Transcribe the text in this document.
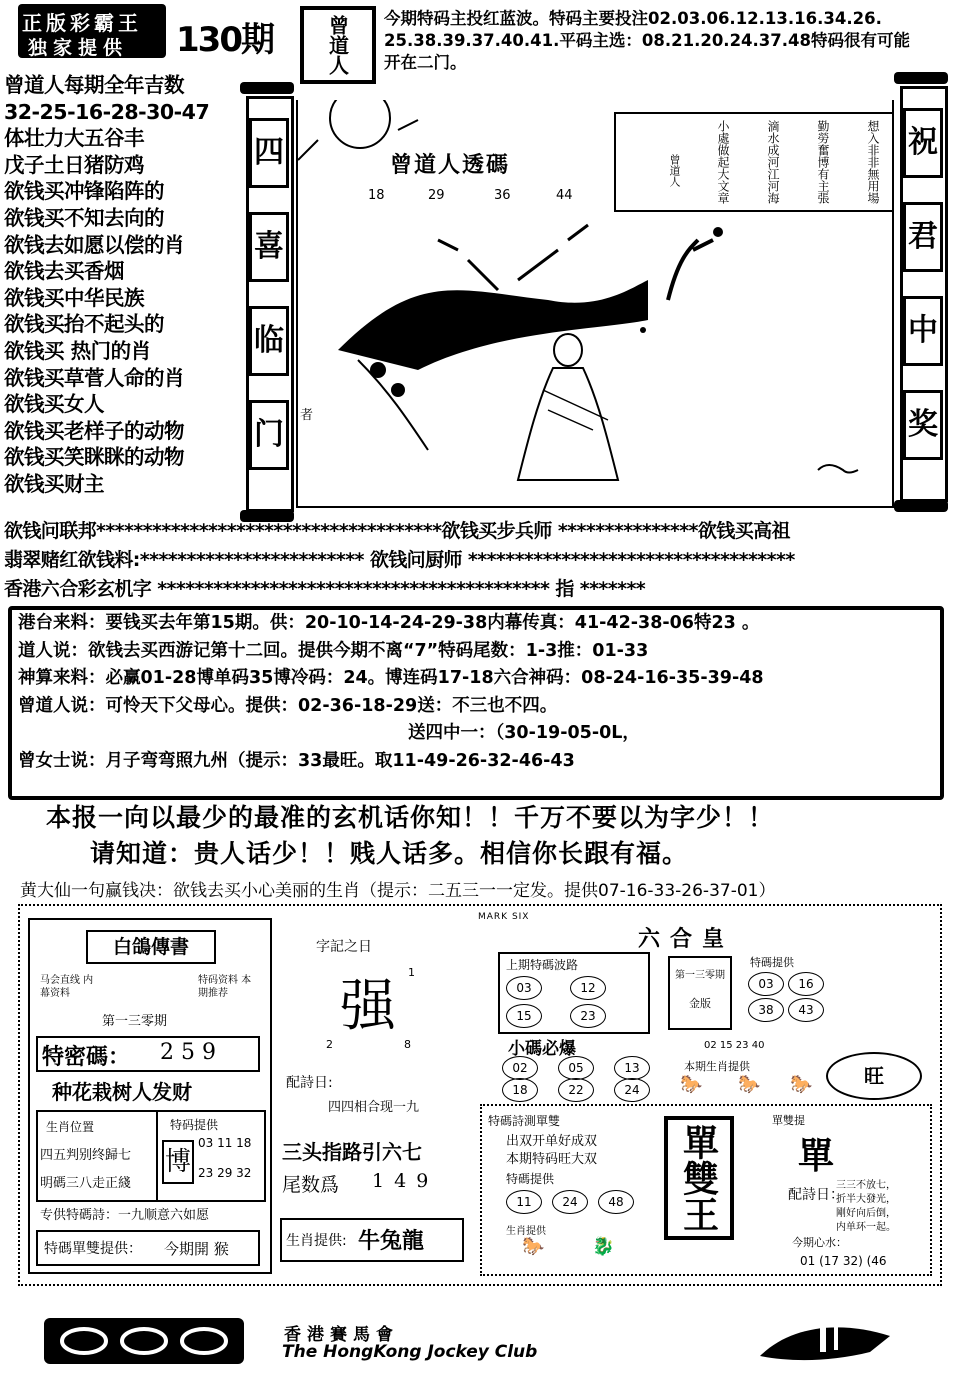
正版彩霸王
独家提供 130期	曾道人 今期特码主投红蓝波。特码主要投注02.03.06.12.13.16.34.26.
25.38.39.37.40.41.平码主选：08.21.20.24.37.48特码很有可能
开在二门。
曾道人每期全年吉数
32-25-16-28-30-47
体壮力大五谷丰
戊子土日猪防鸡
欲钱买冲锋陷阵的
欲钱买不知去向的
欲钱去如愿以偿的肖
欲钱去买香烟
欲钱买中华民族
欲钱买抬不起头的
欲钱买 热门的肖
欲钱买草菅人命的肖
欲钱买女人
欲钱买老样子的动物
欲钱买笑眯眯的动物
欲钱买财主
四
喜
临
门
曾道人透碼
18	29	36	44
者
想入非非無用場
勤勞奮博有主張
滴水成河江河海
小處做起大文章
曾道人
祝
君
中
奖
欲钱问联邦*************************************欲钱买步兵师 ***************欲钱买高祖
翡翠赌红欲钱料:************************ 欲钱问厨师 ***********************************
香港六合彩玄机字 ****************************************** 指 *******
港台来料：要钱买去年第15期。供：20-10-14-24-29-38内幕传真：41-42-38-06特23 。
道人说：欲钱去买西游记第十二回。提供今期不离“7”特码尾数：1-3推：01-33
神算来料：必赢01-28博单码35博冷码：24。博连码17-18六合神码：08-24-16-35-39-48
曾道人说：可怜天下父母心。提供：02-36-18-29送：不三也不四。
送四中一：（30-19-05-0L，
曾女士说：月子弯弯照九州（提示：33最旺。取11-49-26-32-46-43
本报一向以最少的最准的玄机话你知！！千万不要以为字少！！
请知道：贵人话少！！贱人话多。相信你长跟有福。
黄大仙一句赢钱决：欲钱去买小心美丽的生肖（提示：二五三一一定发。提供07-16-33-26-37-01）
白鴿傳書
马会直线 内幕资料
特码资料 本期推荐
第一三零期
特密碼： 2 5 9
种花栽树人发财
生肖位置
四五判别终歸七
明碼三八走正綫
特码提供
博
03 11 18
23 29 32
专供特碼詩：一九顺意六如愿
特碼單雙提供： 今期開 猴
字記之日
强
1
2	8
配詩日:
四四相合现一九
三头指路引六七
尾数爲 1 4 9
生肖提供: 牛兔龍
MARK SIX
六合皇
上期特碼波路
03	12
15	23
第一三零期
金版
特碼提供
03	16
38	43
小碼必爆	02 15 23 40
02	05	13
18	22	24
本期生肖提供
🐎 🐎 🐎	旺
特碼詩測單雙
出双开单好成双
本期特码旺大双
特碼提供
11	24	48
生肖提供
🐎	🐉
單雙王
單雙提
單
配詩日：
三三不放七，
折半大發光，
剛好向后倒，
内单环一起。
今期心水：
01 (17 32) (46
香港賽馬會
The HongKong Jockey Club
